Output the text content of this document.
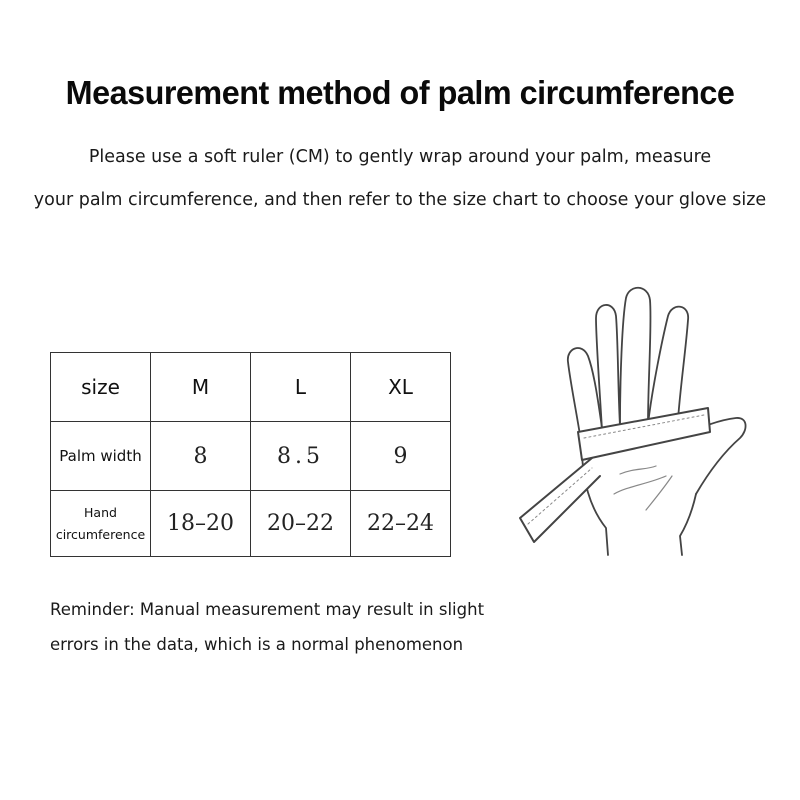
Measurement method of palm circumference
Please use a soft ruler (CM) to gently wrap around your palm, measure
your palm circumference, and then refer to the size chart to choose your glove size
size	M	L	XL
Palm width	8	8.5	9

Hand
circumference	18–20	20–22	22–24
Reminder: Manual measurement may result in slight
errors in the data, which is a normal phenomenon
